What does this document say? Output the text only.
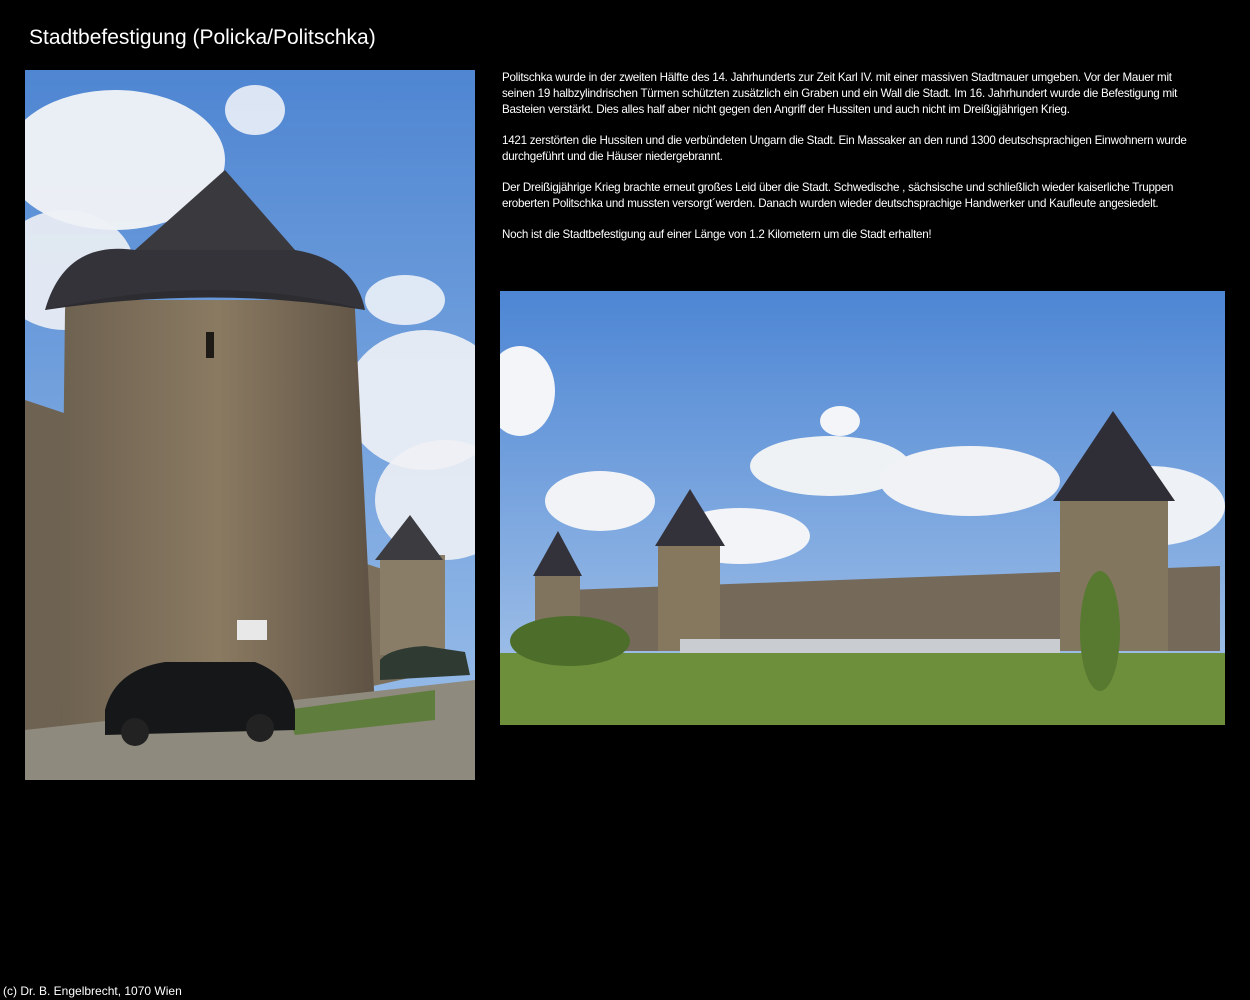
Stadtbefestigung (Policka/Politschka)

Politschka wurde in der zweiten Hälfte des 14. Jahrhunderts zur Zeit Karl IV. mit einer massiven Stadtmauer umgeben. Vor der Mauer mit seinen 19 halbzylindrischen Türmen schützten zusätzlich ein Graben und ein Wall die Stadt. Im 16. Jahrhundert wurde die Befestigung mit Basteien verstärkt. Dies alles half aber nicht gegen den Angriff der Hussiten und auch nicht im Dreißigjährigen Krieg.

1421 zerstörten die Hussiten und die verbündeten Ungarn die Stadt. Ein Massaker an den rund 1300 deutschsprachigen Einwohnern wurde durchgeführt und die Häuser niedergebrannt.

Der Dreißigjährige Krieg brachte erneut großes Leid über die Stadt. Schwedische , sächsische und schließlich wieder kaiserliche Truppen eroberten Politschka und mussten versorgt´werden. Danach wurden wieder deutschsprachige Handwerker und Kaufleute angesiedelt.

Noch ist die Stadtbefestigung auf einer Länge von 1.2 Kilometern um die Stadt erhalten!

(c) Dr. B. Engelbrecht, 1070 Wien
